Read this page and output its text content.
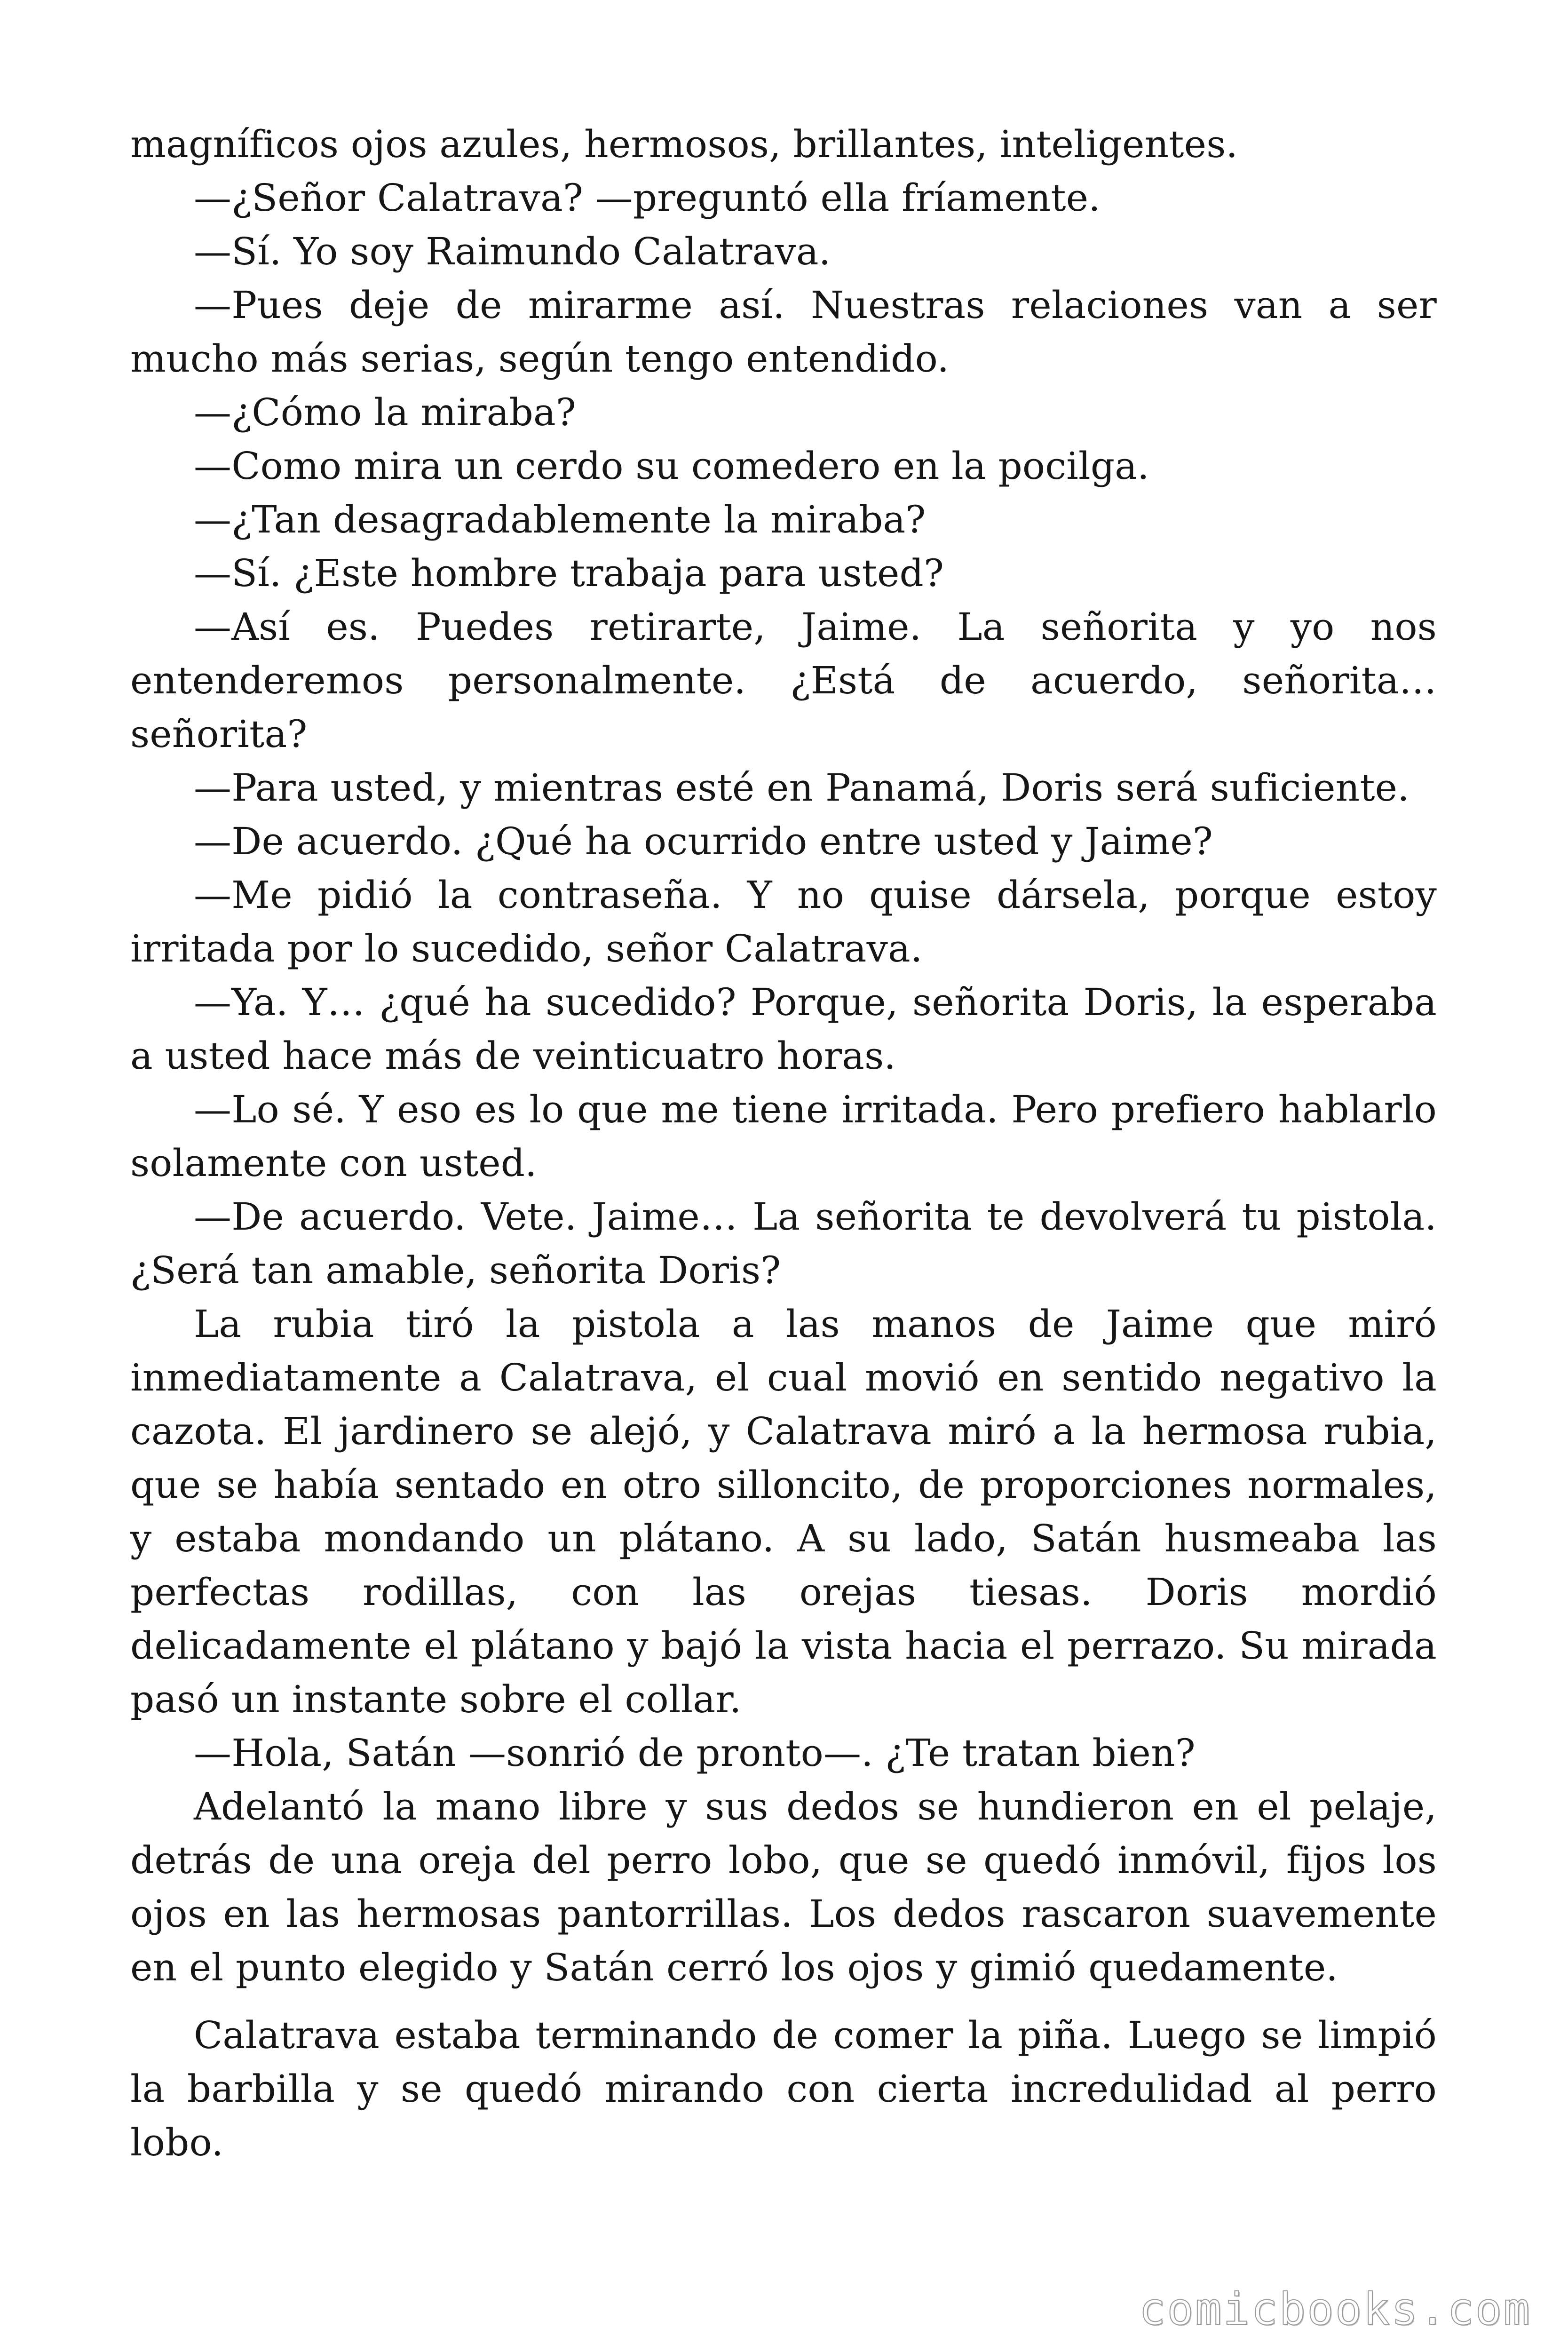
magníficos ojos azules, hermosos, brillantes, inteligentes.

—¿Señor Calatrava? —preguntó ella fríamente.

—Sí. Yo soy Raimundo Calatrava.

—Pues deje de mirarme así. Nuestras relaciones van a ser mucho más serias, según tengo entendido.

—¿Cómo la miraba?

—Como mira un cerdo su comedero en la pocilga.

—¿Tan desagradablemente la miraba?

—Sí. ¿Este hombre trabaja para usted?

—Así es. Puedes retirarte, Jaime. La señorita y yo nos entenderemos personalmente. ¿Está de acuerdo, señorita… señorita?

—Para usted, y mientras esté en Panamá, Doris será suficiente.

—De acuerdo. ¿Qué ha ocurrido entre usted y Jaime?

—Me pidió la contraseña. Y no quise dársela, porque estoy irritada por lo sucedido, señor Calatrava.

—Ya. Y… ¿qué ha sucedido? Porque, señorita Doris, la esperaba a usted hace más de veinticuatro horas.

—Lo sé. Y eso es lo que me tiene irritada. Pero prefiero hablarlo solamente con usted.

—De acuerdo. Vete. Jaime… La señorita te devolverá tu pistola. ¿Será tan amable, señorita Doris?

La rubia tiró la pistola a las manos de Jaime que miró inmediatamente a Calatrava, el cual movió en sentido negativo la cazota. El jardinero se alejó, y Calatrava miró a la hermosa rubia, que se había sentado en otro silloncito, de proporciones normales, y estaba mondando un plátano. A su lado, Satán husmeaba las perfectas rodillas, con las orejas tiesas. Doris mordió delicadamente el plátano y bajó la vista hacia el perrazo. Su mirada pasó un instante sobre el collar.

—Hola, Satán —sonrió de pronto—. ¿Te tratan bien?

Adelantó la mano libre y sus dedos se hundieron en el pelaje, detrás de una oreja del perro lobo, que se quedó inmóvil, fijos los ojos en las hermosas pantorrillas. Los dedos rascaron suavemente en el punto elegido y Satán cerró los ojos y gimió quedamente.

Calatrava estaba terminando de comer la piña. Luego se limpió la barbilla y se quedó mirando con cierta incredulidad al perro lobo.

comicbooks.com
